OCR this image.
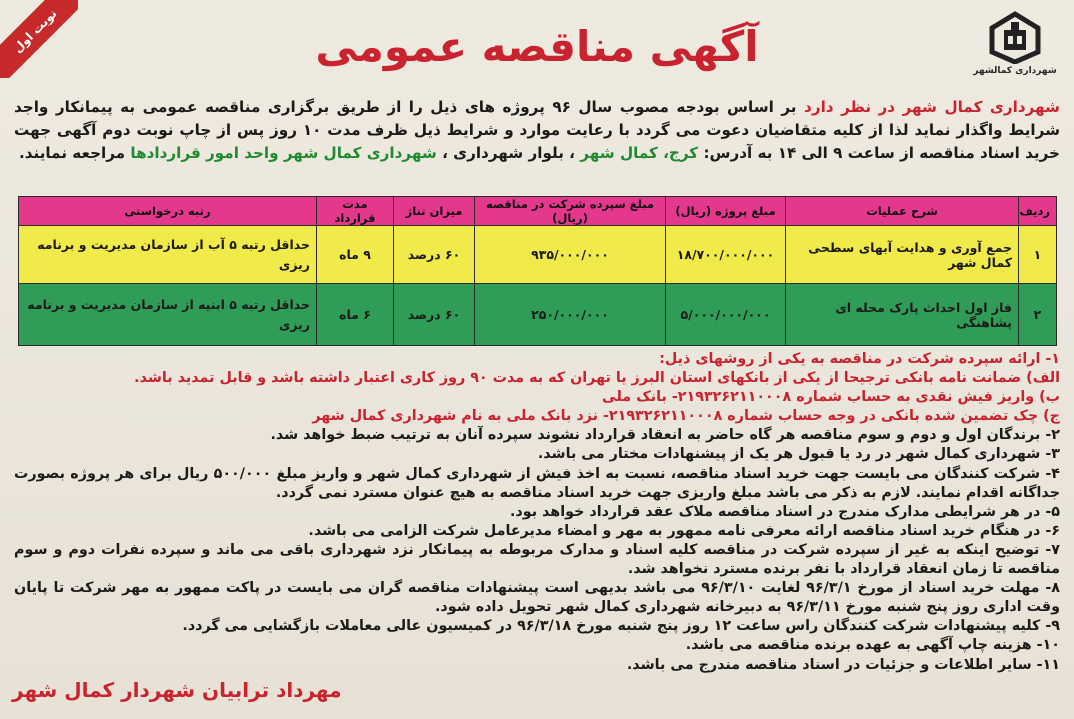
نوبت اول
شهرداری کمالشهر
آگهی مناقصه عمومی
شهرداری کمال شهر در نظر دارد بر اساس بودجه مصوب سال ۹۶ پروژه های ذیل را از طریق برگزاری مناقصه عمومی به پیمانکار واجد شرایط واگذار نماید لذا از کلیه متقاضیان دعوت می گردد با رعایت موارد و شرایط ذیل ظرف مدت ۱۰ روز پس از چاپ نوبت دوم آگهی جهت خرید اسناد مناقصه از ساعت ۹ الی ۱۴ به آدرس: کرج، کمال شهر ، بلوار شهرداری ، شهرداری کمال شهر واحد امور قراردادها مراجعه نمایند.
ردیف	شرح عملیات	مبلغ پروژه (ریال)	مبلغ سپرده شرکت در مناقصه (ریال)	میزان تناژ	مدت قرارداد	رتبه درخواستی
۱	جمع آوری و هدایت آبهای سطحی کمال شهر	۱۸/۷۰۰/۰۰۰/۰۰۰	۹۳۵/۰۰۰/۰۰۰	۶۰ درصد	۹ ماه	حداقل رتبه ۵ آب از سازمان مدیریت و برنامه ریزی
۲	فاز اول احداث پارک محله ای پشاهنگی	۵/۰۰۰/۰۰۰/۰۰۰	۲۵۰/۰۰۰/۰۰۰	۶۰ درصد	۶ ماه	حداقل رتبه ۵ ابنیه از سازمان مدیریت و برنامه ریزی

۱- ارائه سپرده شرکت در مناقصه به یکی از روشهای ذیل:

الف) ضمانت نامه بانکی ترجیحا از یکی از بانکهای استان البرز یا تهران که به مدت ۹۰ روز کاری اعتبار داشته باشد و قابل تمدید باشد.

ب) واریز فیش نقدی به حساب شماره ۲۱۹۳۲۶۲۱۱۰۰۰۸- بانک ملی

ج) چک تضمین شده بانکی در وجه حساب شماره ۲۱۹۳۲۶۲۱۱۰۰۰۸- نزد بانک ملی به نام شهرداری کمال شهر

۲- برندگان اول و دوم و سوم مناقصه هر گاه حاضر به انعقاد قرارداد نشوند سپرده آنان به ترتیب ضبط خواهد شد.

۳- شهرداری کمال شهر در رد یا قبول هر یک از پیشنهادات مختار می باشد.

۴- شرکت کنندگان می بایست جهت خرید اسناد مناقصه، نسبت به اخذ فیش از شهرداری کمال شهر و واریز مبلغ ۵۰۰/۰۰۰ ریال برای هر پروژه بصورت جداگانه اقدام نمایند. لازم به ذکر می باشد مبلغ واریزی جهت خرید اسناد مناقصه به هیچ عنوان مسترد نمی گردد.

۵- در هر شرایطی مدارک مندرج در اسناد مناقصه ملاک عقد قرارداد خواهد بود.

۶- در هنگام خرید اسناد مناقصه ارائه معرفی نامه ممهور به مهر و امضاء مدیرعامل شرکت الزامی می باشد.

۷- توضیح اینکه به غیر از سپرده شرکت در مناقصه کلیه اسناد و مدارک مربوطه به پیمانکار نزد شهرداری باقی می ماند و سپرده نفرات دوم و سوم مناقصه تا زمان انعقاد قرارداد با نفر برنده مسترد نخواهد شد.

۸- مهلت خرید اسناد از مورخ ۹۶/۳/۱ لغایت ۹۶/۳/۱۰ می باشد بدیهی است پیشنهادات مناقصه گران می بایست در پاکت ممهور به مهر شرکت تا پایان وقت اداری روز پنج شنبه مورخ ۹۶/۳/۱۱ به دبیرخانه شهرداری کمال شهر تحویل داده شود.

۹- کلیه پیشنهادات شرکت کنندگان راس ساعت ۱۲ روز پنج شنبه مورخ ۹۶/۳/۱۸ در کمیسیون عالی معاملات بازگشایی می گردد.

۱۰- هزینه چاپ آگهی به عهده برنده مناقصه می باشد.

۱۱- سایر اطلاعات و جزئیات در اسناد مناقصه مندرج می باشد.

مهرداد ترابیان شهردار کمال شهر
